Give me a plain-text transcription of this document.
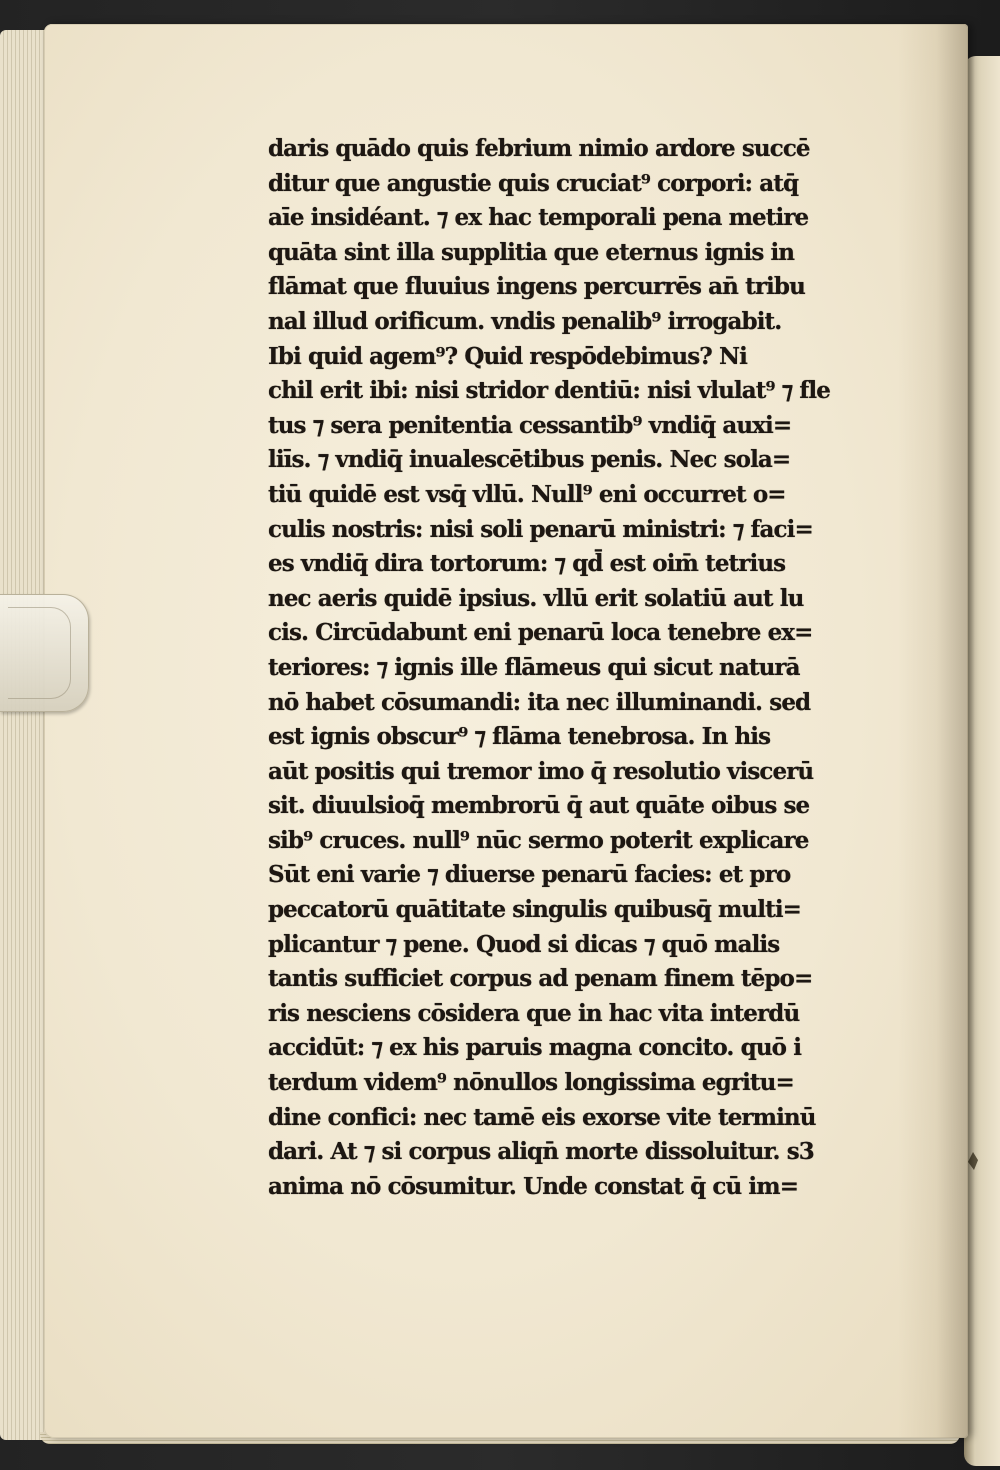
daris quādo quis febrium nimio ardore succē
ditur que angustie quis cruciat⁹ corpori: atq̄
aīe insidéant. ⁊ ex hac temporali pena metire
quāta sint illa supplitia que eternus ignis in
flāmat que fluuius ingens percurrēs an̄ tribu
nal illud orificum. vndis penalib⁹ irrogabit.
Ibi quid agem⁹? Quid respōdebimus? Ni
chil erit ibi: nisi stridor dentiū: nisi vlulat⁹ ⁊ fle
tus ⁊ sera penitentia cessantib⁹ vndiq̄ auxi=
liīs. ⁊ vndiq̄ inualescētibus penis. Nec sola=
tiū quidē est vsq̄ vllū. Null⁹ eni occurret o=
culis nostris: nisi soli penarū ministri: ⁊ faci=
es vndiq̄ dira tortorum: ⁊ qd̄ est oim̄ tetrius
nec aeris quidē ipsius. vllū erit solatiū aut lu
cis. Circūdabunt eni penarū loca tenebre ex=
teriores: ⁊ ignis ille flāmeus qui sicut naturā
nō habet cōsumandi: ita nec illuminandi. sed
est ignis obscur⁹ ⁊ flāma tenebrosa. In his
aūt positis qui tremor imo q̄ resolutio viscerū
sit. diuulsioq̄ membrorū q̄ aut quāte oibus se
sib⁹ cruces. null⁹ nūc sermo poterit explicare
Sūt eni varie ⁊ diuerse penarū facies: et pro
peccatorū quātitate singulis quibusq̄ multi=
plicantur ⁊ pene. Quod si dicas ⁊ quō malis
tantis sufficiet corpus ad penam finem tēpo=
ris nesciens cōsidera que in hac vita interdū
accidūt: ⁊ ex his paruis magna concito. quō i
terdum videm⁹ nōnullos longissima egritu=
dine confici: nec tamē eis exorse vite terminū
dari. At ⁊ si corpus aliqn̄ morte dissoluitur. s3
anima nō cōsumitur. Unde constat q̄ cū im=
